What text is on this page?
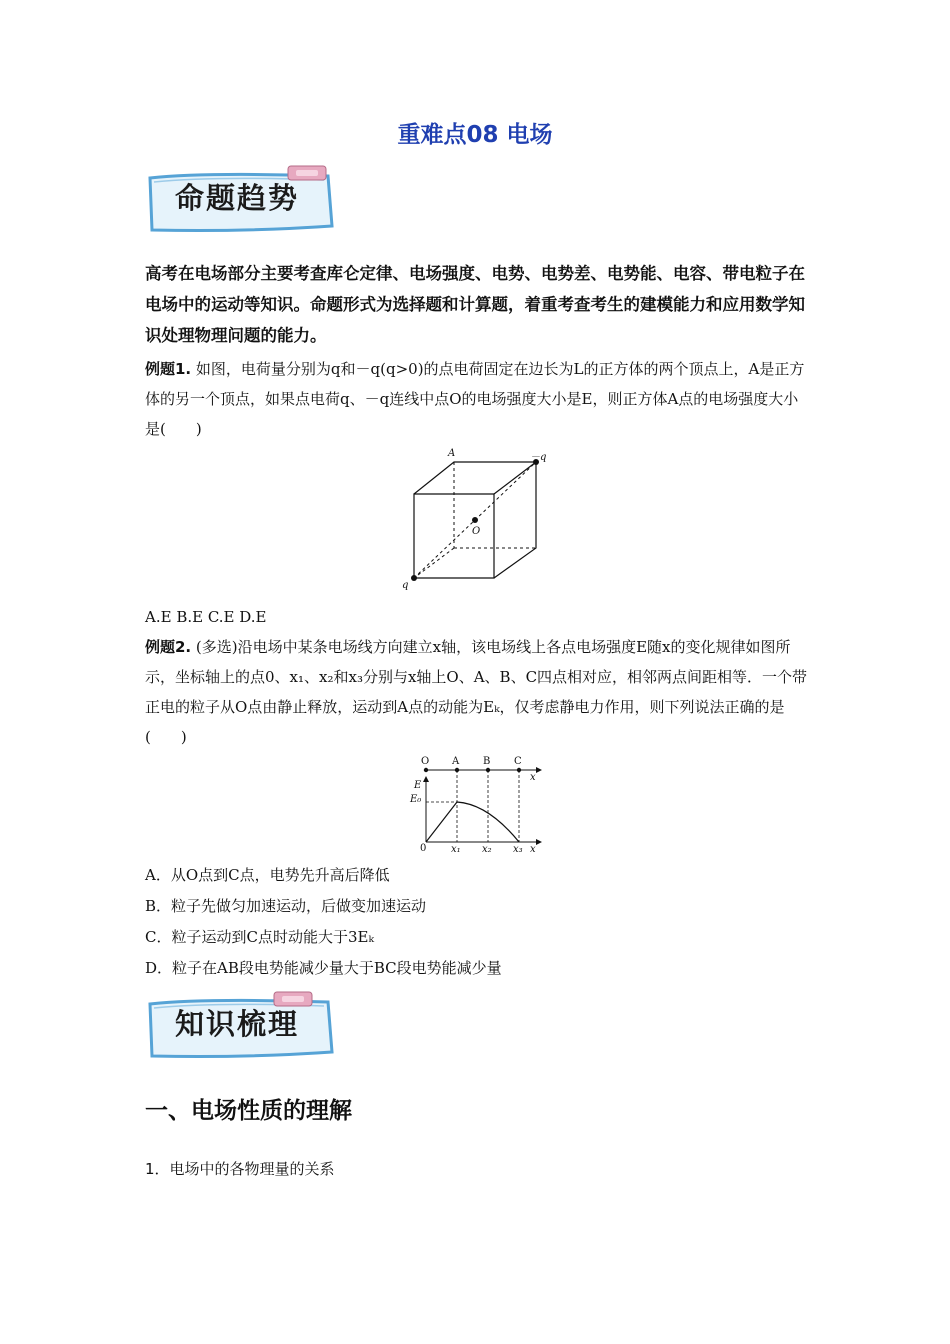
重难点08 电场
命题趋势
高考在电场部分主要考查库仑定律、电场强度、电势、电势差、电势能、电容、带电粒子在电场中的运动等知识。命题形式为选择题和计算题，着重考查考生的建模能力和应用数学知识处理物理问题的能力。
例题1. 如图，电荷量分别为q和－q(q>0)的点电荷固定在边长为L的正方体的两个顶点上，A是正方体的另一个顶点，如果点电荷q、－q连线中点O的电场强度大小是E，则正方体A点的电场强度大小是(　　)
A	－q
O
q
A.E B.E C.E D.E
例题2. (多选)沿电场中某条电场线方向建立x轴，该电场线上各点电场强度E随x的变化规律如图所示，坐标轴上的点0、x₁、x₂和x₃分别与x轴上O、A、B、C四点相对应，相邻两点间距相等．一个带正电的粒子从O点由静止释放，运动到A点的动能为Eₖ，仅考虑静电力作用，则下列说法正确的是(　　)
O A B C
x
E
E₀
0 x₁ x₂ x₃ x
A．从O点到C点，电势先升高后降低
B．粒子先做匀加速运动，后做变加速运动
C．粒子运动到C点时动能大于3Eₖ
D．粒子在AB段电势能减少量大于BC段电势能减少量
知识梳理
一、电场性质的理解
1．电场中的各物理量的关系
